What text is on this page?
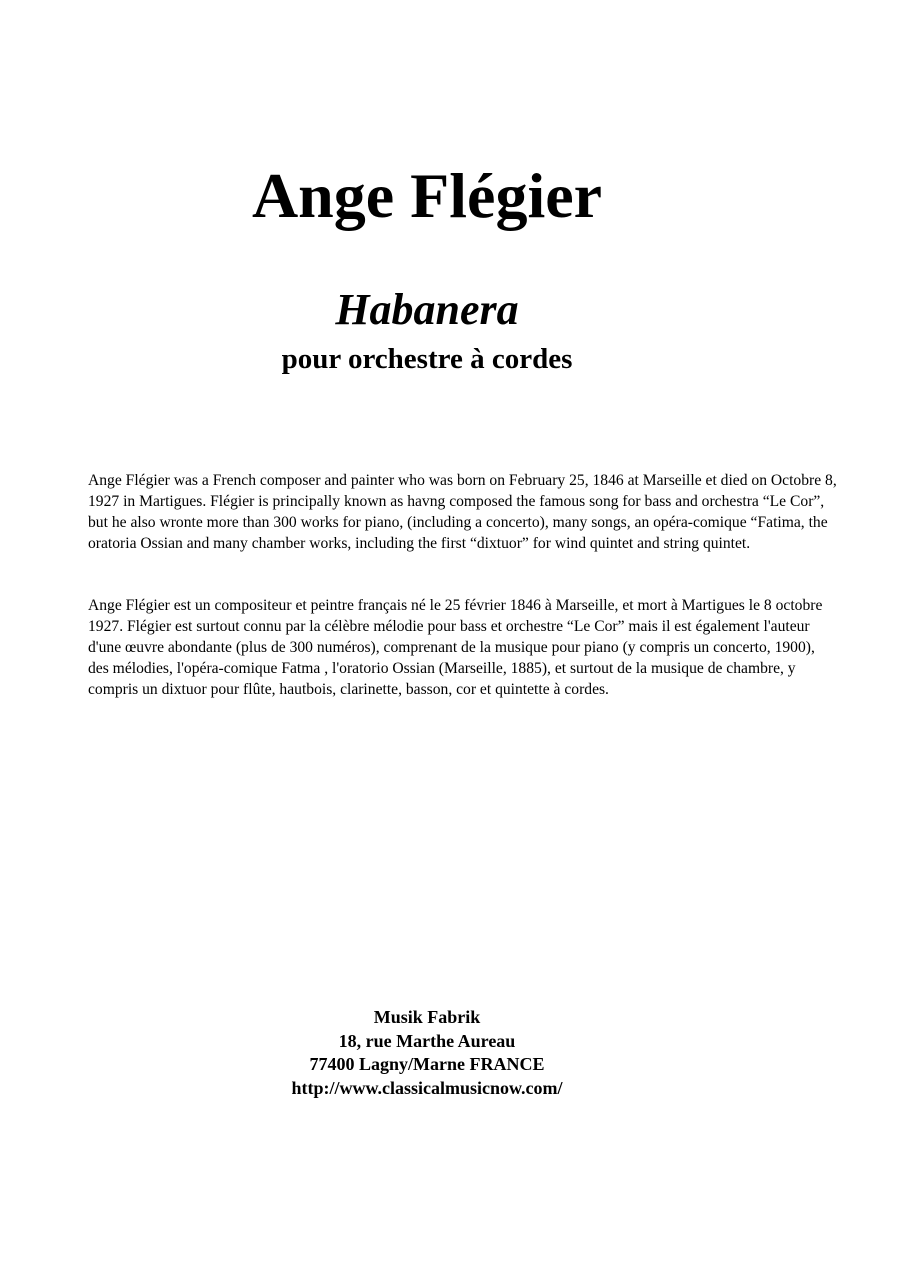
Ange Flégier
Habanera
pour orchestre à cordes

Ange Flégier was a French composer and painter who was born on February 25, 1846 at Marseille et died on Octobre 8, 1927 in Martigues. Flégier is principally known as havng composed the famous song for bass and orchestra “Le Cor”, but he also wronte more than 300 works for piano, (including a concerto), many songs, an opéra-comique “Fatima, the oratoria Ossian and many chamber works, including the first “dixtuor” for wind quintet and string quintet.

Ange Flégier est un compositeur et peintre français né le 25 février 1846 à Marseille, et mort à Martigues le 8 octobre 1927. Flégier est surtout connu par la célèbre mélodie pour bass et orchestre “Le Cor” mais il est également l'auteur d'une œuvre abondante (plus de 300 numéros), comprenant de la musique pour piano (y compris un concerto, 1900), des mélodies, l'opéra-comique Fatma , l'oratorio Ossian (Marseille, 1885), et surtout de la musique de chambre, y compris un dixtuor pour flûte, hautbois, clarinette, basson, cor et quintette à cordes.

Musik Fabrik
18, rue Marthe Aureau
77400 Lagny/Marne FRANCE
http://www.classicalmusicnow.com/
